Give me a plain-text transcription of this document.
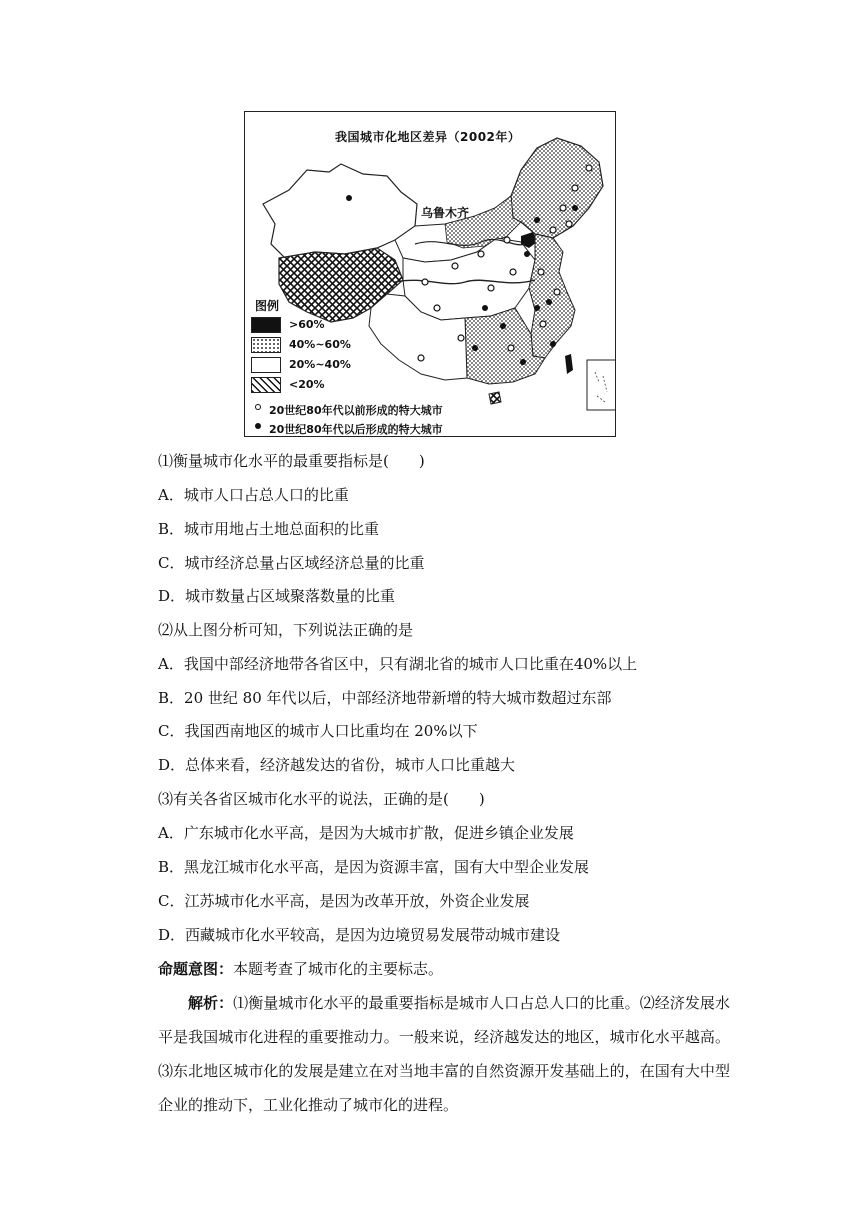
我国城市化地区差异（2002年）
乌鲁木齐
图例
>60%
40%~60%
20%~40%
<20%
20世纪80年代以前形成的特大城市
20世纪80年代以后形成的特大城市
⑴衡量城市化水平的最重要指标是(　　)
A．城市人口占总人口的比重
B．城市用地占土地总面积的比重
C．城市经济总量占区域经济总量的比重
D．城市数量占区域聚落数量的比重
⑵从上图分析可知，下列说法正确的是
A．我国中部经济地带各省区中，只有湖北省的城市人口比重在40%以上
B．20 世纪 80 年代以后，中部经济地带新增的特大城市数超过东部
C．我国西南地区的城市人口比重均在 20%以下
D．总体来看，经济越发达的省份，城市人口比重越大
⑶有关各省区城市化水平的说法，正确的是(　　)
A．广东城市化水平高，是因为大城市扩散，促进乡镇企业发展
B．黑龙江城市化水平高，是因为资源丰富，国有大中型企业发展
C．江苏城市化水平高，是因为改革开放，外资企业发展
D．西藏城市化水平较高，是因为边境贸易发展带动城市建设
命题意图：本题考查了城市化的主要标志。
解析：⑴衡量城市化水平的最重要指标是城市人口占总人口的比重。⑵经济发展水平是我国城市化进程的重要推动力。一般来说，经济越发达的地区，城市化水平越高。⑶东北地区城市化的发展是建立在对当地丰富的自然资源开发基础上的，在国有大中型企业的推动下，工业化推动了城市化的进程。
